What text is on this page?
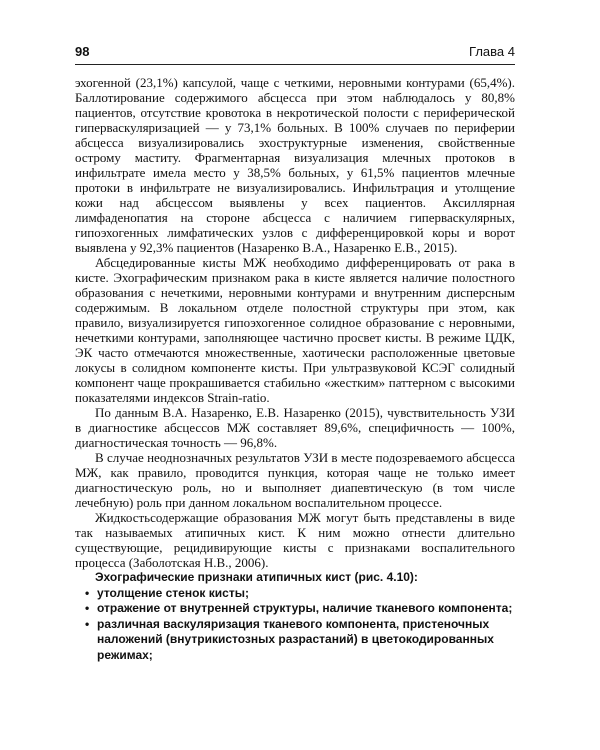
98	Глава 4

эхогенной (23,1%) капсулой, чаще с четкими, неровными контурами (65,4%). Баллотирование содержимого абсцесса при этом наблюдалось у 80,8% пациентов, отсутствие кровотока в некротической полости с периферической гиперваскуляризацией — у 73,1% больных. В 100% случаев по периферии абсцесса визуализировались эхоструктурные изменения, свойственные острому маститу. Фрагментарная визуализация млечных протоков в инфильтрате имела место у 38,5% больных, у 61,5% пациентов млечные протоки в инфильтрате не визуализировались. Инфильтрация и утолщение кожи над абсцессом выявлены у всех пациентов. Аксиллярная лимфаденопатия на стороне абсцесса с наличием гиперваскулярных, гипоэхогенных лимфатических узлов с дифференцировкой коры и ворот выявлена у 92,3% пациентов (Назаренко В.А., Назаренко Е.В., 2015).

Абсцедированные кисты МЖ необходимо дифференцировать от рака в кисте. Эхографическим признаком рака в кисте является наличие полостного образования с нечеткими, неровными контурами и внутренним дисперсным содержимым. В локальном отделе полостной структуры при этом, как правило, визуализируется гипоэхогенное солидное образование с неровными, нечеткими контурами, заполняющее частично просвет кисты. В режиме ЦДК, ЭК часто отмечаются множественные, хаотически расположенные цветовые локусы в солидном компоненте кисты. При ультразвуковой КСЭГ солидный компонент чаще прокрашивается стабильно «жестким» паттерном с высокими показателями индексов Strain-ratio.

По данным В.А. Назаренко, Е.В. Назаренко (2015), чувствительность УЗИ в диагностике абсцессов МЖ составляет 89,6%, специфичность — 100%, диагностическая точность — 96,8%.

В случае неоднозначных результатов УЗИ в месте подозреваемого абсцесса МЖ, как правило, проводится пункция, которая чаще не только имеет диагностическую роль, но и выполняет диапевтическую (в том числе лечебную) роль при данном локальном воспалительном процессе.

Жидкостьсодержащие образования МЖ могут быть представлены в виде так называемых атипичных кист. К ним можно отнести длительно существующие, рецидивирующие кисты с признаками воспалительного процесса (Заболотская Н.В., 2006).

Эхографические признаки атипичных кист (рис. 4.10):

• утолщение стенок кисты;
• отражение от внутренней структуры, наличие тканевого компонента;
• различная васкуляризация тканевого компонента, пристеночных наложений (внутрикистозных разрастаний) в цветокодированных режимах;
